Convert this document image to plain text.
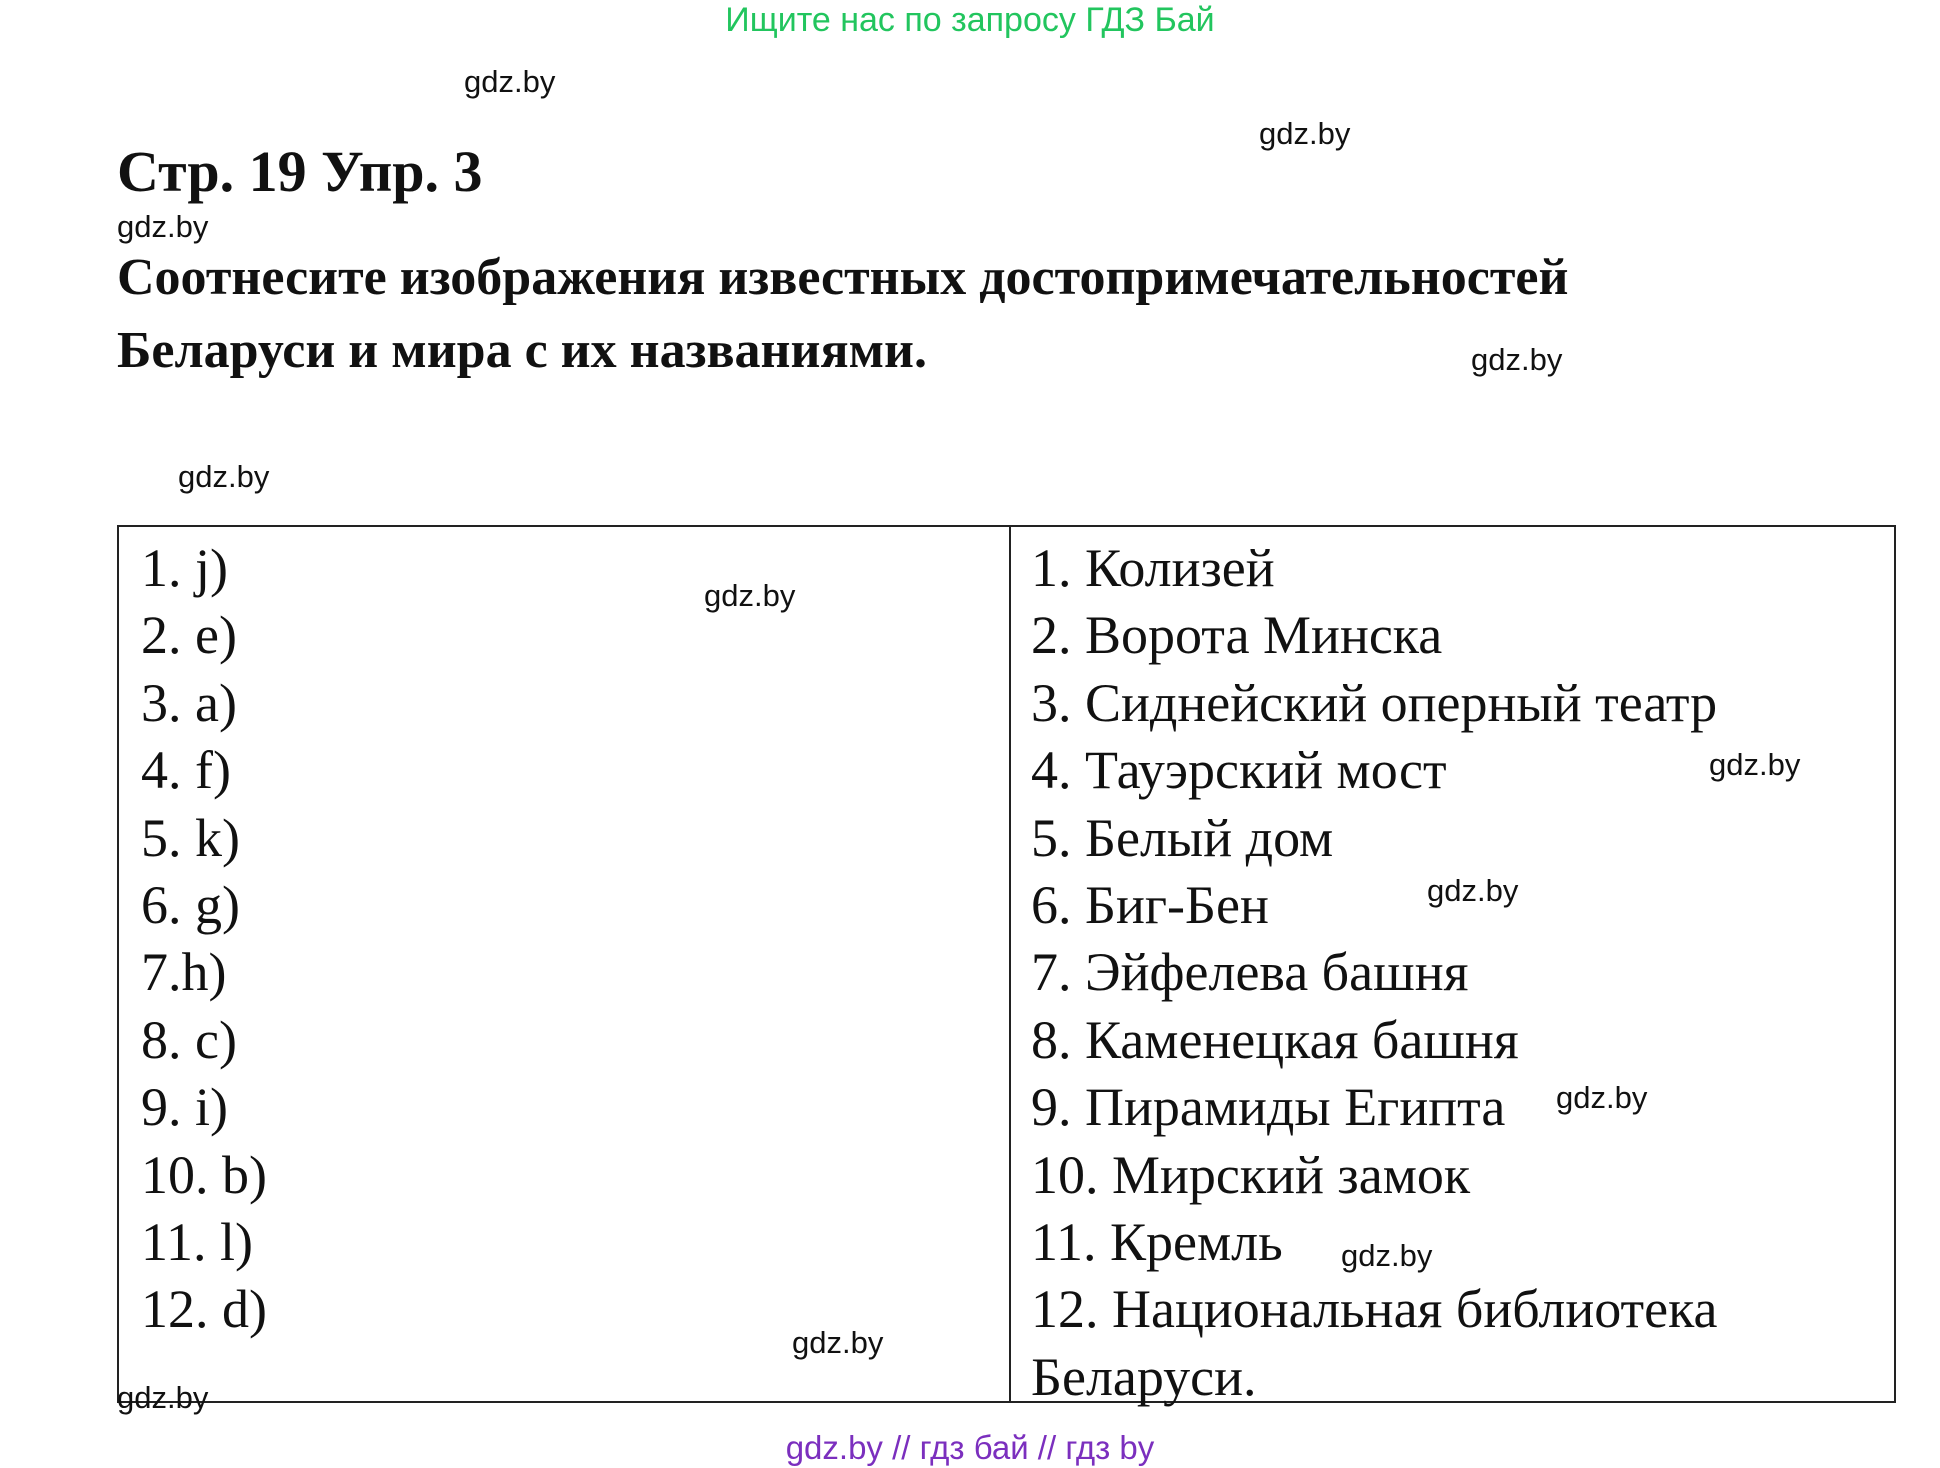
Ищите нас по запросу ГДЗ Бай
gdz.by
gdz.by
Стр. 19 Упр. 3
gdz.by
Соотнесите изображения известных достопримечательностей
Беларуси и мира с их названиями.	gdz.by
gdz.by
1. j)
2. e)
3. a)
4. f)
5. k)
6. g)
7.h)
8. c)
9. i)
10. b)
11. l)
12. d)
1. Колизей
2. Ворота Минска
3. Сиднейский оперный театр
4. Тауэрский мост
5. Белый дом
6. Биг-Бен
7. Эйфелева башня
8. Каменецкая башня
9. Пирамиды Египта
10. Мирский замок
11. Кремль
12. Национальная библиотека
Беларуси.
gdz.by
gdz.by
gdz.by
gdz.by
gdz.by
gdz.by
gdz.by
gdz.by // гдз бай // гдз by
